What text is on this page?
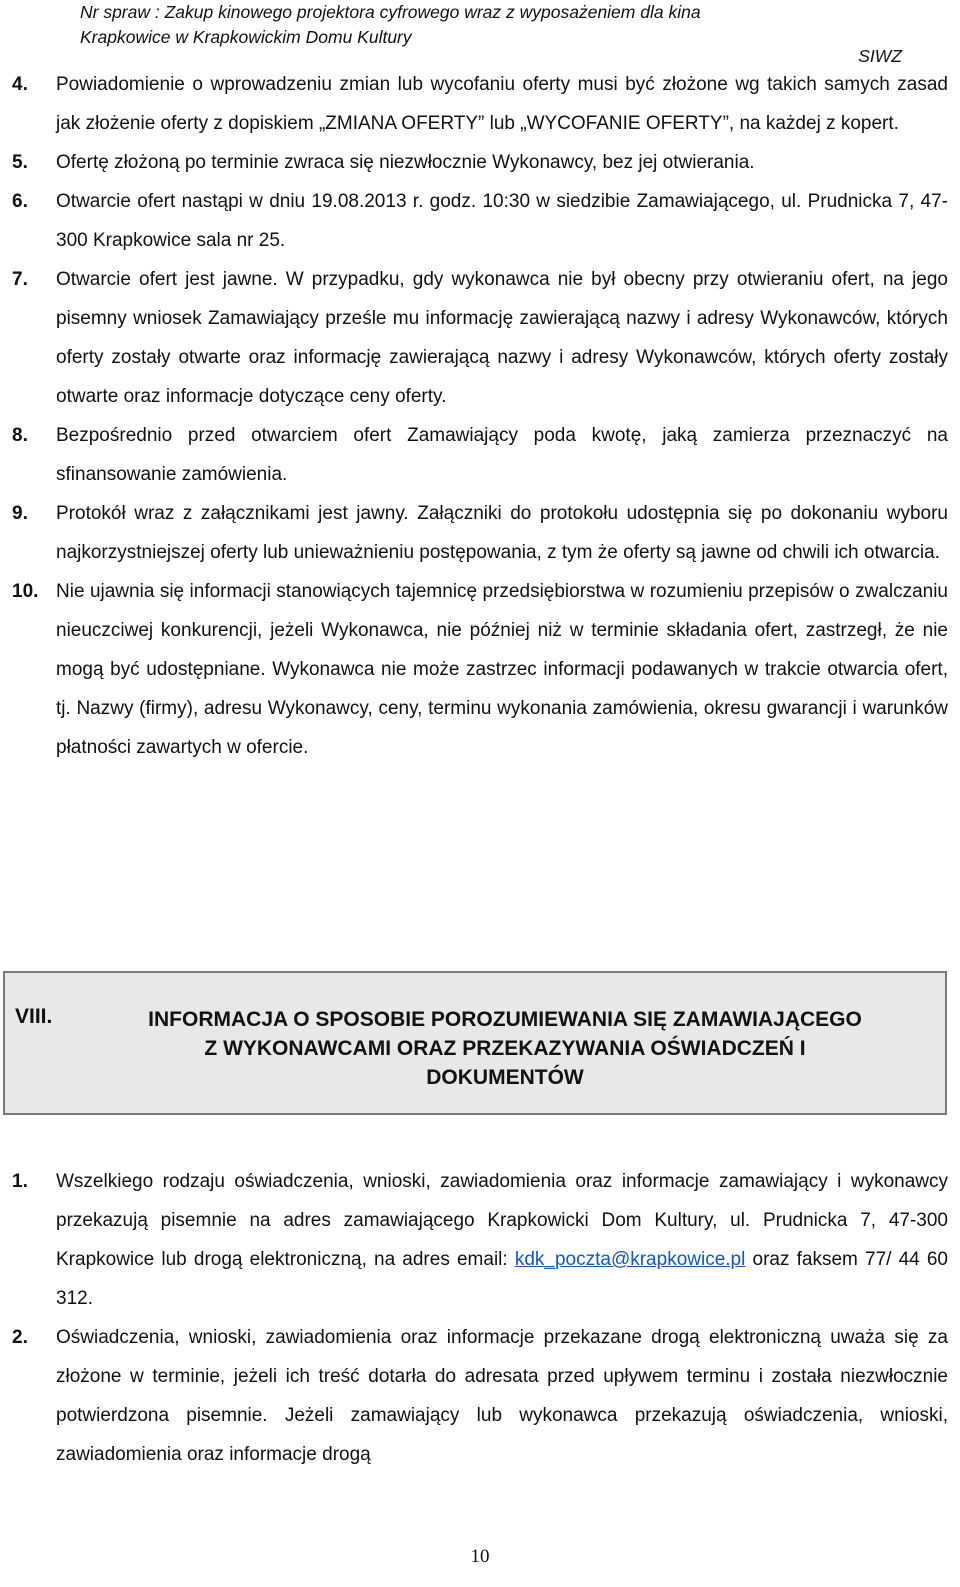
Nr spraw : Zakup kinowego projektora cyfrowego wraz z wyposażeniem dla kina
Krapkowice w Krapkowickim Domu Kultury
SIWZ
4. Powiadomienie o wprowadzeniu zmian lub wycofaniu oferty musi być złożone wg takich samych zasad jak złożenie oferty z dopiskiem „ZMIANA OFERTY” lub „WYCOFANIE OFERTY”, na każdej z kopert.

5. Ofertę złożoną po terminie zwraca się niezwłocznie Wykonawcy, bez jej otwierania.

6. Otwarcie ofert nastąpi w dniu 19.08.2013 r. godz. 10:30 w siedzibie Zamawiającego, ul. Prudnicka 7, 47-300 Krapkowice sala nr 25.

7. Otwarcie ofert jest jawne. W przypadku, gdy wykonawca nie był obecny przy otwieraniu ofert, na jego pisemny wniosek Zamawiający prześle mu informację zawierającą nazwy i adresy Wykonawców, których oferty zostały otwarte oraz informację zawierającą nazwy i adresy Wykonawców, których oferty zostały otwarte oraz informacje dotyczące ceny oferty.

8. Bezpośrednio przed otwarciem ofert Zamawiający poda kwotę, jaką zamierza przeznaczyć na sfinansowanie zamówienia.

9. Protokół wraz z załącznikami jest jawny. Załączniki do protokołu udostępnia się po dokonaniu wyboru najkorzystniejszej oferty lub unieważnieniu postępowania, z tym że oferty są jawne od chwili ich otwarcia.

10. Nie ujawnia się informacji stanowiących tajemnicę przedsiębiorstwa w rozumieniu przepisów o zwalczaniu nieuczciwej konkurencji, jeżeli Wykonawca, nie później niż w terminie składania ofert, zastrzegł, że nie mogą być udostępniane. Wykonawca nie może zastrzec informacji podawanych w trakcie otwarcia ofert, tj. Nazwy (firmy), adresu Wykonawcy, ceny, terminu wykonania zamówienia, okresu gwarancji i warunków płatności zawartych w ofercie.

VIII.	INFORMACJA O SPOSOBIE POROZUMIEWANIA SIĘ ZAMAWIAJĄCEGO
Z WYKONAWCAMI ORAZ PRZEKAZYWANIA OŚWIADCZEŃ I
DOKUMENTÓW
1. Wszelkiego rodzaju oświadczenia, wnioski, zawiadomienia oraz informacje zamawiający i wykonawcy przekazują pisemnie na adres zamawiającego Krapkowicki Dom Kultury, ul. Prudnicka 7, 47-300 Krapkowice lub drogą elektroniczną, na adres email: kdk_poczta@krapkowice.pl oraz faksem 77/ 44 60 312.

2. Oświadczenia, wnioski, zawiadomienia oraz informacje przekazane drogą elektroniczną uważa się za złożone w terminie, jeżeli ich treść dotarła do adresata przed upływem terminu i została niezwłocznie potwierdzona pisemnie. Jeżeli zamawiający lub wykonawca przekazują oświadczenia, wnioski, zawiadomienia oraz informacje drogą

10
